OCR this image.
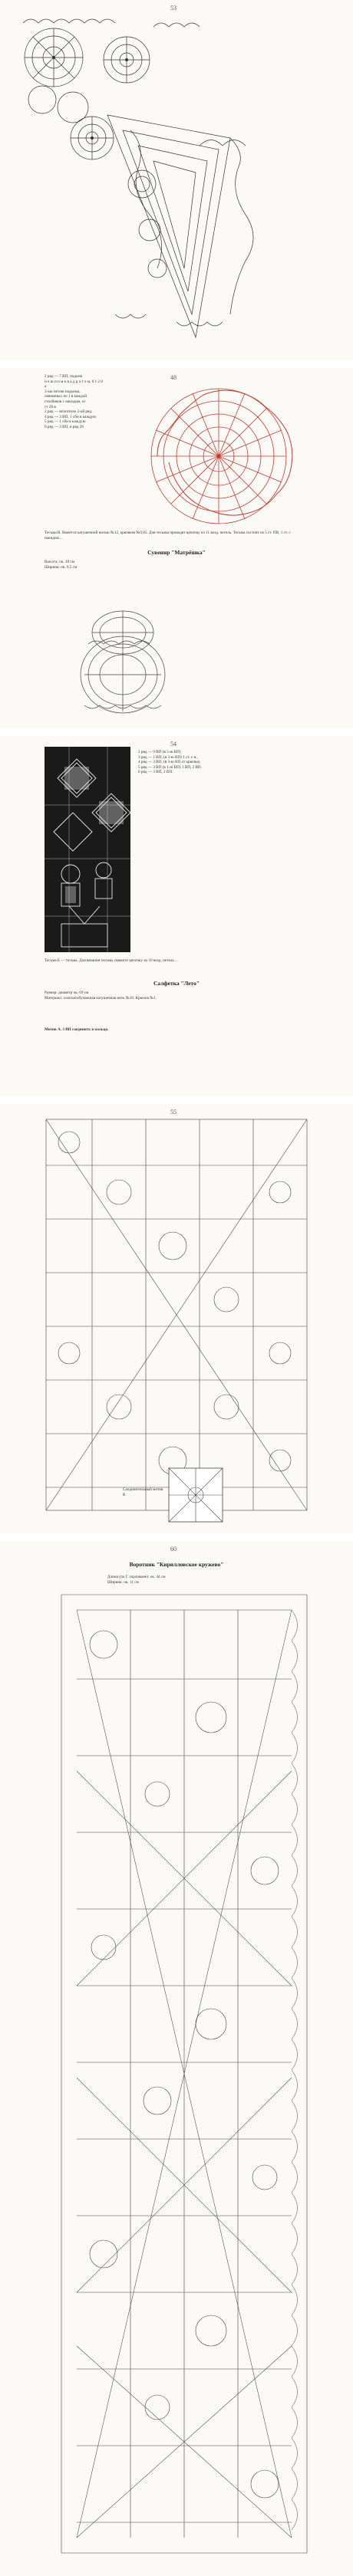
53
48

2 ряд — 7 ВП, подъем

н е ш н и м к в а д р а т о м, 6 1 2 8 а

3-ью петлю подъема,

связанных по 1 в каждой

столбиков с накидом, от

ст 28 в

2 ряд — вплотную 2-ой ряд.

4 ряд — 3 ВП, 1 сбн в каждую

5 ряд — 1 сбн в каждую

6 ряд — 3 ВП, в ряд 28

Тесьма В. Вяжется катушечной нитью №12, крючком №0,85. Для тесьмы проводят цепочку из 11 возд. петель. Тесьма состоит из 5 ст. ПВ, 1 ст. с накидом…
Сувенир "Матрёшка"

Высота: ок. 18 см

Ширина: ок. 9,5 см

54

2 ряд — 9 ВП (в 5-ю ВП)

3 ряд — 1 ВП, (в 3-ю ВП) 1 ст. с н.,

4 ряд — 3 ВП, (в 3-ю ВП от крючка)

5 ряд — 3 ВП (в 1-ю ВП) 1 ВП, 2 ВП.

6 ряд — 3 ВП, 2 ВП.

Тесьма Б — тесьма. Для вязания тесьмы свяжите цепочку из 10 возд. петель…
Салфетка "Лето"

Размер: диаметр ок. 69 см

Материал: хлопчатобумажная катушечная нить №10. Крючок №1.

Мотив А. 3 ВП соединить в кольцо.
55
Соединительный мотив В
60
Воротник "Кирилловское кружево"

Длина (по Г. горловине): ок. 44 см

Ширина: ок. 11 см
